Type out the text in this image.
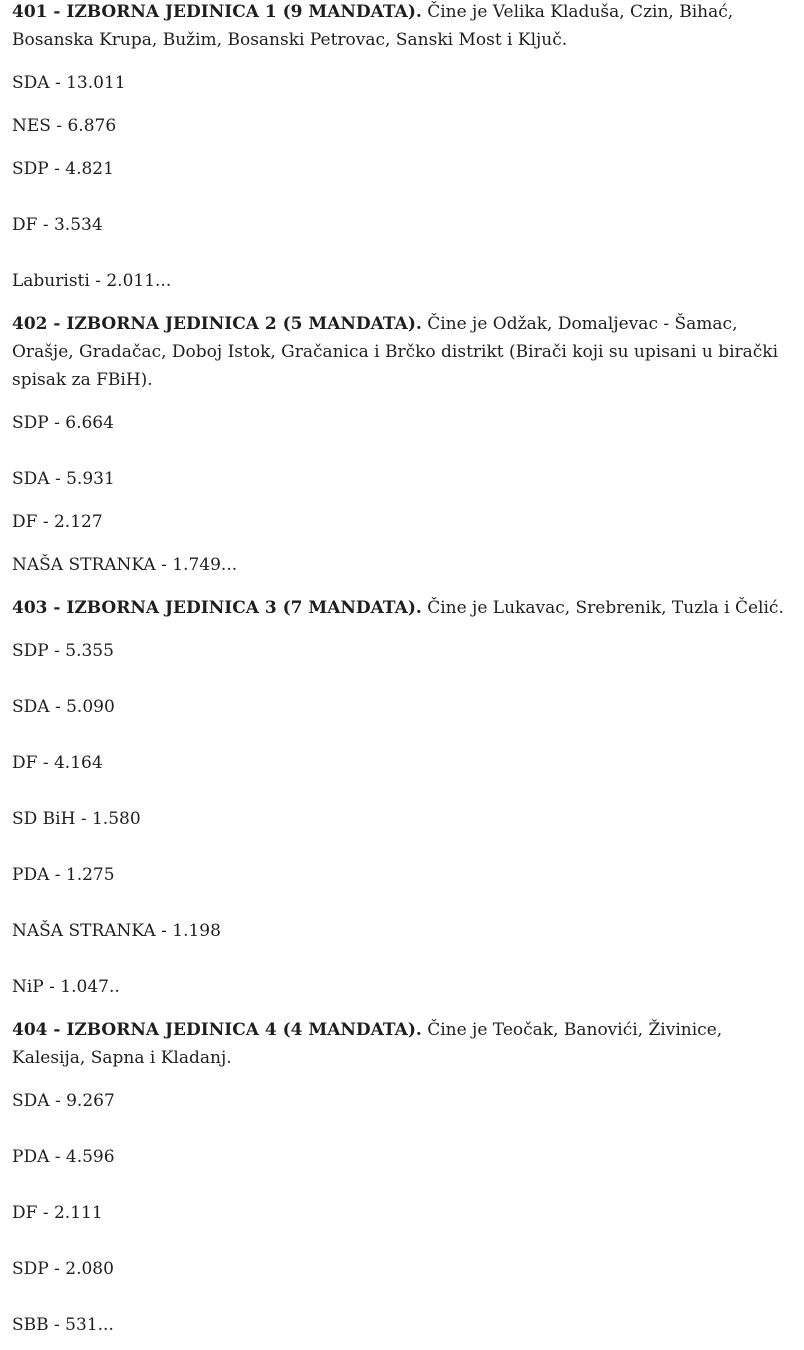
401 - IZBORNA JEDINICA 1 (9 MANDATA). Čine je Velika Kladuša, Czin, Bihać, Bosanska Krupa, Bužim, Bosanski Petrovac, Sanski Most i Ključ.
SDA - 13.011
NES - 6.876
SDP - 4.821
DF - 3.534
Laburisti - 2.011...
402 - IZBORNA JEDINICA 2 (5 MANDATA). Čine je Odžak, Domaljevac - Šamac, Orašje, Gradačac, Doboj Istok, Gračanica i Brčko distrikt (Birači koji su upisani u birački spisak za FBiH).
SDP - 6.664
SDA - 5.931
DF - 2.127
NAŠA STRANKA - 1.749...
403 - IZBORNA JEDINICA 3 (7 MANDATA). Čine je Lukavac, Srebrenik, Tuzla i Čelić.
SDP - 5.355
SDA - 5.090
DF - 4.164
SD BiH - 1.580
PDA - 1.275
NAŠA STRANKA - 1.198
NiP - 1.047..
404 - IZBORNA JEDINICA 4 (4 MANDATA). Čine je Teočak, Banovići, Živinice, Kalesija, Sapna i Kladanj.
SDA - 9.267
PDA - 4.596
DF - 2.111
SDP - 2.080
SBB - 531...
